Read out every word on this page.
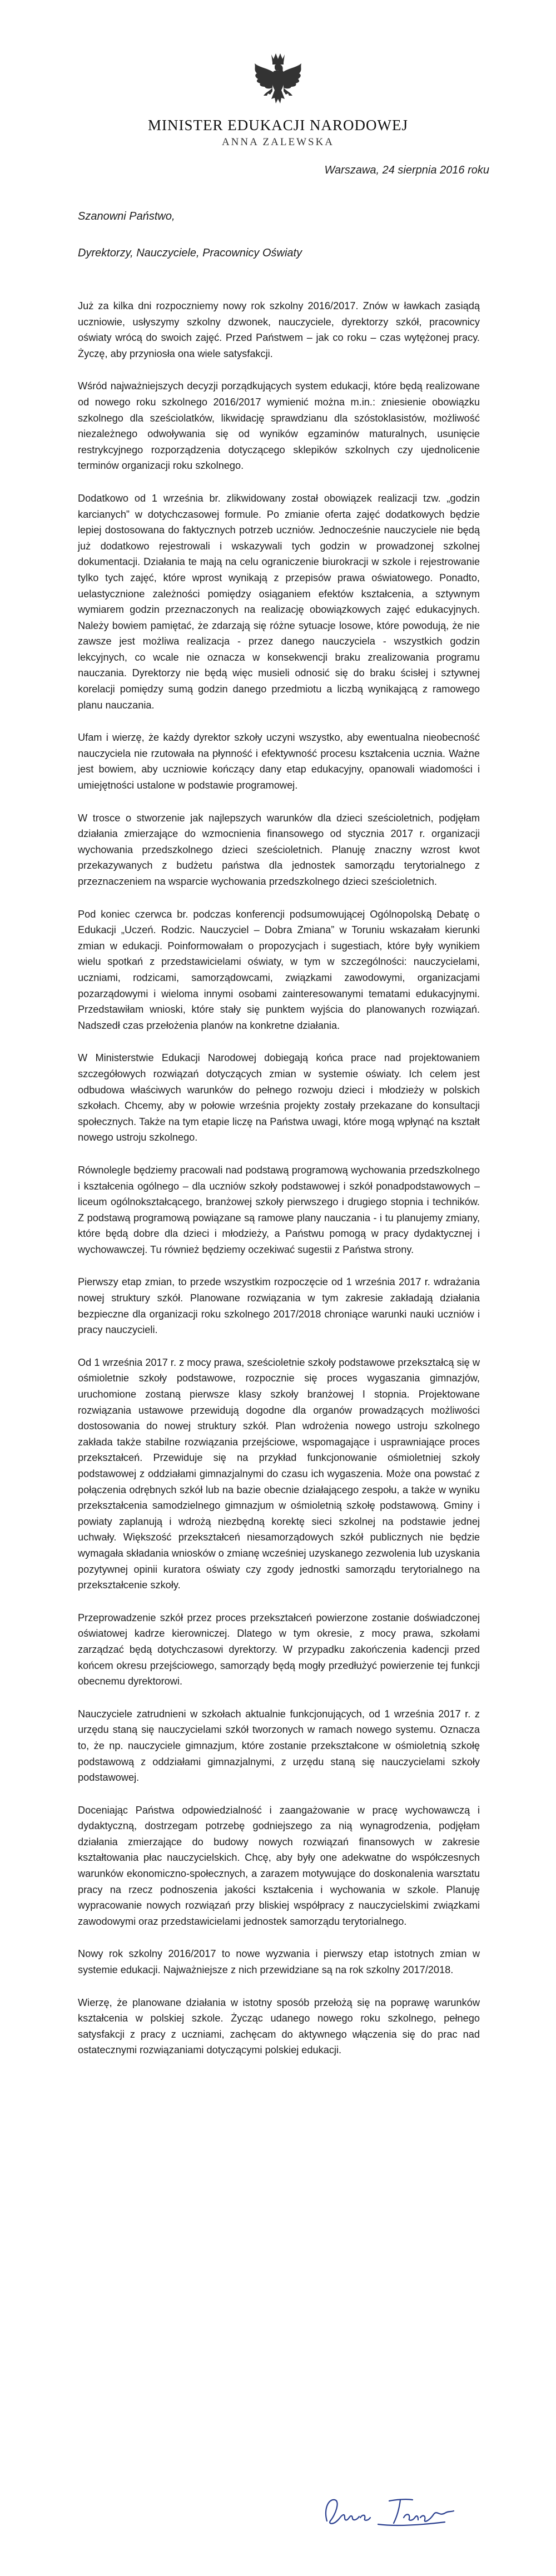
MINISTER EDUKACJI NARODOWEJ
ANNA ZALEWSKA
Warszawa, 24 sierpnia 2016 roku
Szanowni Państwo,
Dyrektorzy, Nauczyciele, Pracownicy Oświaty

Już za kilka dni rozpoczniemy nowy rok szkolny 2016/2017. Znów w ławkach zasiądą uczniowie, usłyszymy szkolny dzwonek, nauczyciele, dyrektorzy szkół, pracownicy oświaty wrócą do swoich zajęć. Przed Państwem – jak co roku – czas wytężonej pracy. Życzę, aby przyniosła ona wiele satysfakcji.

Wśród najważniejszych decyzji porządkujących system edukacji, które będą realizowane od nowego roku szkolnego 2016/2017 wymienić można m.in.: zniesienie obowiązku szkolnego dla sześciolatków, likwidację sprawdzianu dla szóstoklasistów, możliwość niezależnego odwoływania się od wyników egzaminów maturalnych, usunięcie restrykcyjnego rozporządzenia dotyczącego sklepików szkolnych czy ujednolicenie terminów organizacji roku szkolnego.

Dodatkowo od 1 września br. zlikwidowany został obowiązek realizacji tzw. „godzin karcianych” w dotychczasowej formule. Po zmianie oferta zajęć dodatkowych będzie lepiej dostosowana do faktycznych potrzeb uczniów. Jednocześnie nauczyciele nie będą już dodatkowo rejestrowali i wskazywali tych godzin w prowadzonej szkolnej dokumentacji. Działania te mają na celu ograniczenie biurokracji w szkole i rejestrowanie tylko tych zajęć, które wprost wynikają z przepisów prawa oświatowego. Ponadto, uelastycznione zależności pomiędzy osiąganiem efektów kształcenia, a sztywnym wymiarem godzin przeznaczonych na realizację obowiązkowych zajęć edukacyjnych. Należy bowiem pamiętać, że zdarzają się różne sytuacje losowe, które powodują, że nie zawsze jest możliwa realizacja - przez danego nauczyciela - wszystkich godzin lekcyjnych, co wcale nie oznacza w konsekwencji braku zrealizowania programu nauczania. Dyrektorzy nie będą więc musieli odnosić się do braku ścisłej i sztywnej korelacji pomiędzy sumą godzin danego przedmiotu a liczbą wynikającą z ramowego planu nauczania.

Ufam i wierzę, że każdy dyrektor szkoły uczyni wszystko, aby ewentualna nieobecność nauczyciela nie rzutowała na płynność i efektywność procesu kształcenia ucznia. Ważne jest bowiem, aby uczniowie kończący dany etap edukacyjny, opanowali wiadomości i umiejętności ustalone w podstawie programowej.

W trosce o stworzenie jak najlepszych warunków dla dzieci sześcioletnich, podjęłam działania zmierzające do wzmocnienia finansowego od stycznia 2017 r. organizacji wychowania przedszkolnego dzieci sześcioletnich. Planuję znaczny wzrost kwot przekazywanych z budżetu państwa dla jednostek samorządu terytorialnego z przeznaczeniem na wsparcie wychowania przedszkolnego dzieci sześcioletnich.

Pod koniec czerwca br. podczas konferencji podsumowującej Ogólnopolską Debatę o Edukacji „Uczeń. Rodzic. Nauczyciel – Dobra Zmiana” w Toruniu wskazałam kierunki zmian w edukacji. Poinformowałam o propozycjach i sugestiach, które były wynikiem wielu spotkań z przedstawicielami oświaty, w tym w szczególności: nauczycielami, uczniami, rodzicami, samorządowcami, związkami zawodowymi, organizacjami pozarządowymi i wieloma innymi osobami zainteresowanymi tematami edukacyjnymi. Przedstawiłam wnioski, które stały się punktem wyjścia do planowanych rozwiązań. Nadszedł czas przełożenia planów na konkretne działania.

W Ministerstwie Edukacji Narodowej dobiegają końca prace nad projektowaniem szczegółowych rozwiązań dotyczących zmian w systemie oświaty. Ich celem jest odbudowa właściwych warunków do pełnego rozwoju dzieci i młodzieży w polskich szkołach. Chcemy, aby w połowie września projekty zostały przekazane do konsultacji społecznych. Także na tym etapie liczę na Państwa uwagi, które mogą wpłynąć na kształt nowego ustroju szkolnego.

Równolegle będziemy pracowali nad podstawą programową wychowania przedszkolnego i kształcenia ogólnego – dla uczniów szkoły podstawowej i szkół ponadpodstawowych – liceum ogólnokształcącego, branżowej szkoły pierwszego i drugiego stopnia i techników. Z podstawą programową powiązane są ramowe plany nauczania - i tu planujemy zmiany, które będą dobre dla dzieci i młodzieży, a Państwu pomogą w pracy dydaktycznej i wychowawczej. Tu również będziemy oczekiwać sugestii z Państwa strony.

Pierwszy etap zmian, to przede wszystkim rozpoczęcie od 1 września 2017 r. wdrażania nowej struktury szkół. Planowane rozwiązania w tym zakresie zakładają działania bezpieczne dla organizacji roku szkolnego 2017/2018 chroniące warunki nauki uczniów i pracy nauczycieli.

Od 1 września 2017 r. z mocy prawa, sześcioletnie szkoły podstawowe przekształcą się w ośmioletnie szkoły podstawowe, rozpocznie się proces wygaszania gimnazjów, uruchomione zostaną pierwsze klasy szkoły branżowej I stopnia. Projektowane rozwiązania ustawowe przewidują dogodne dla organów prowadzących możliwości dostosowania do nowej struktury szkół. Plan wdrożenia nowego ustroju szkolnego zakłada także stabilne rozwiązania przejściowe, wspomagające i usprawniające proces przekształceń. Przewiduje się na przykład funkcjonowanie ośmioletniej szkoły podstawowej z oddziałami gimnazjalnymi do czasu ich wygaszenia. Może ona powstać z połączenia odrębnych szkół lub na bazie obecnie działającego zespołu, a także w wyniku przekształcenia samodzielnego gimnazjum w ośmioletnią szkołę podstawową. Gminy i powiaty zaplanują i wdrożą niezbędną korektę sieci szkolnej na podstawie jednej uchwały. Większość przekształceń niesamorządowych szkół publicznych nie będzie wymagała składania wniosków o zmianę wcześniej uzyskanego zezwolenia lub uzyskania pozytywnej opinii kuratora oświaty czy zgody jednostki samorządu terytorialnego na przekształcenie szkoły.

Przeprowadzenie szkół przez proces przekształceń powierzone zostanie doświadczonej oświatowej kadrze kierowniczej. Dlatego w tym okresie, z mocy prawa, szkołami zarządzać będą dotychczasowi dyrektorzy. W przypadku zakończenia kadencji przed końcem okresu przejściowego, samorządy będą mogły przedłużyć powierzenie tej funkcji obecnemu dyrektorowi.

Nauczyciele zatrudnieni w szkołach aktualnie funkcjonujących, od 1 września 2017 r. z urzędu staną się nauczycielami szkół tworzonych w ramach nowego systemu. Oznacza to, że np. nauczyciele gimnazjum, które zostanie przekształcone w ośmioletnią szkołę podstawową z oddziałami gimnazjalnymi, z urzędu staną się nauczycielami szkoły podstawowej.

Doceniając Państwa odpowiedzialność i zaangażowanie w pracę wychowawczą i dydaktyczną, dostrzegam potrzebę godniejszego za nią wynagrodzenia, podjęłam działania zmierzające do budowy nowych rozwiązań finansowych w zakresie kształtowania płac nauczycielskich. Chcę, aby były one adekwatne do współczesnych warunków ekonomiczno-społecznych, a zarazem motywujące do doskonalenia warsztatu pracy na rzecz podnoszenia jakości kształcenia i wychowania w szkole. Planuję wypracowanie nowych rozwiązań przy bliskiej współpracy z nauczycielskimi związkami zawodowymi oraz przedstawicielami jednostek samorządu terytorialnego.

Nowy rok szkolny 2016/2017 to nowe wyzwania i pierwszy etap istotnych zmian w systemie edukacji. Najważniejsze z nich przewidziane są na rok szkolny 2017/2018.

Wierzę, że planowane działania w istotny sposób przełożą się na poprawę warunków kształcenia w polskiej szkole. Życząc udanego nowego roku szkolnego, pełnego satysfakcji z pracy z uczniami, zachęcam do aktywnego włączenia się do prac nad ostatecznymi rozwiązaniami dotyczącymi polskiej edukacji.
